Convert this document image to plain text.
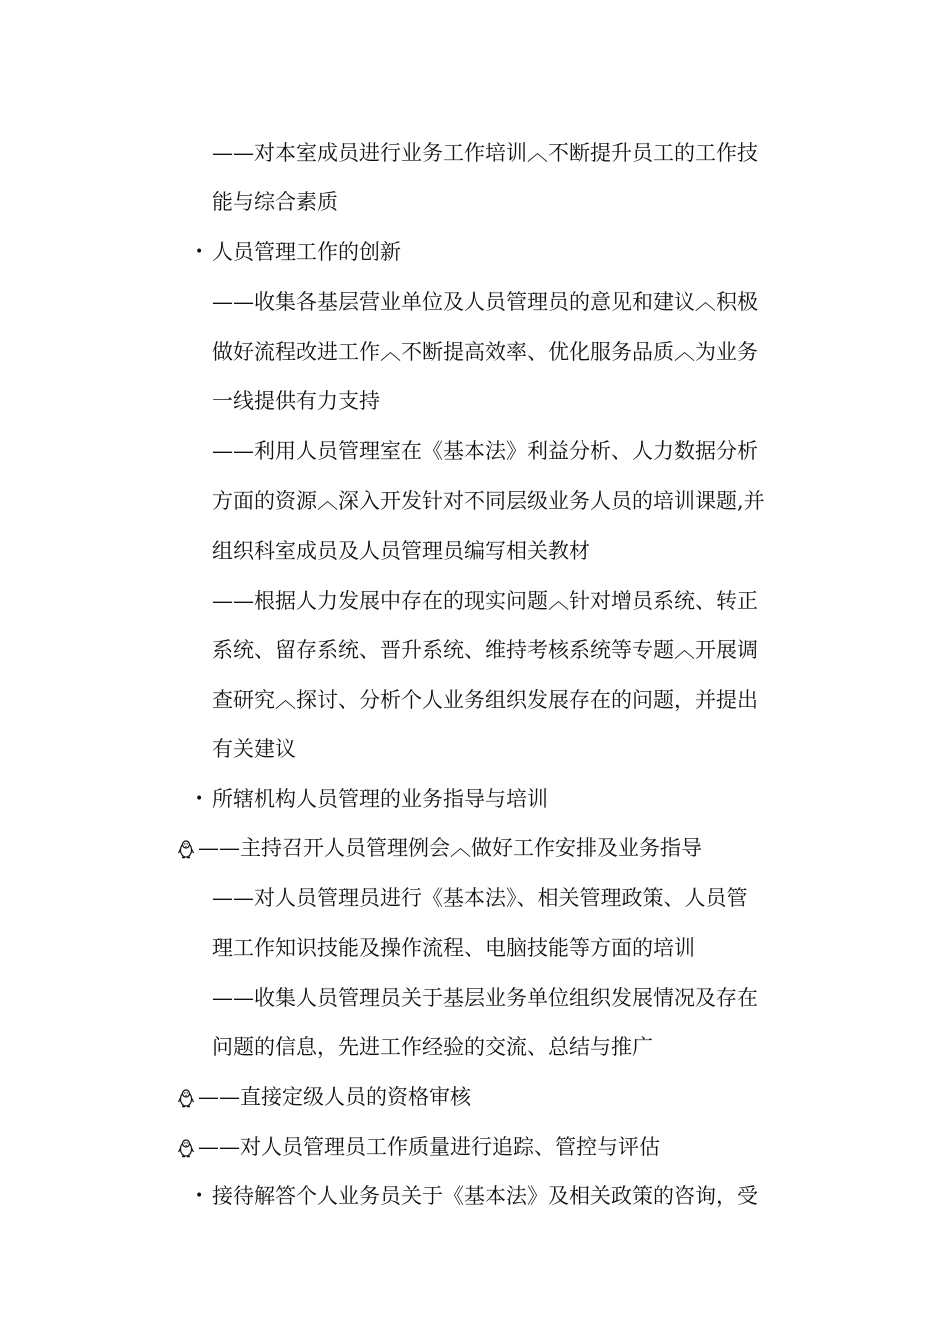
——对本室成员进行业务工作培训︿不断提升员工的工作技
能与综合素质
• 人员管理工作的创新
——收集各基层营业单位及人员管理员的意见和建议︿积极
做好流程改进工作︿不断提高效率、优化服务品质︿为业务
一线提供有力支持
——利用人员管理室在《基本法》利益分析、人力数据分析
方面的资源︿深入开发针对不同层级业务人员的培训课题,并
组织科室成员及人员管理员编写相关教材
——根据人力发展中存在的现实问题︿针对增员系统、转正
系统、留存系统、晋升系统、维持考核系统等专题︿开展调
查研究︿探讨、分析个人业务组织发展存在的问题，并提出
有关建议
• 所辖机构人员管理的业务指导与培训
——主持召开人员管理例会︿做好工作安排及业务指导
——对人员管理员进行《基本法》、相关管理政策、人员管
理工作知识技能及操作流程、电脑技能等方面的培训
——收集人员管理员关于基层业务单位组织发展情况及存在
问题的信息，先进工作经验的交流、总结与推广
——直接定级人员的资格审核
——对人员管理员工作质量进行追踪、管控与评估
• 接待解答个人业务员关于《基本法》及相关政策的咨询，受
